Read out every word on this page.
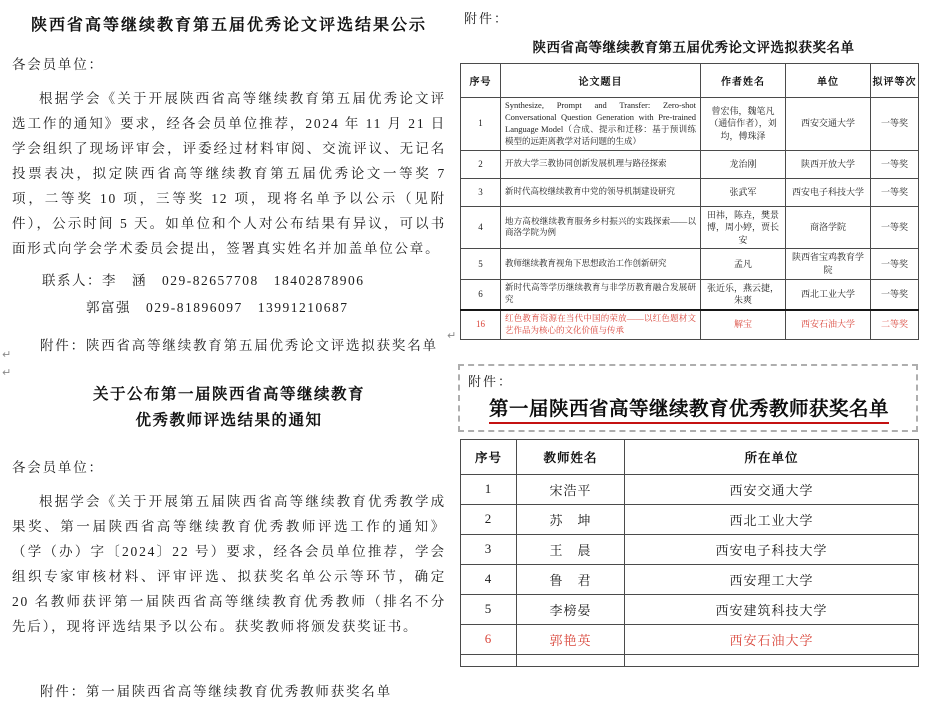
陕西省高等继续教育第五届优秀论文评选结果公示
各会员单位：

根据学会《关于开展陕西省高等继续教育第五届优秀论文评选工作的通知》要求，经各会员单位推荐，2024 年 11 月 21 日学会组织了现场评审会，评委经过材料审阅、交流评议、无记名投票表决，拟定陕西省高等继续教育第五届优秀论文一等奖 7 项，二等奖 10 项，三等奖 12 项，现将名单予以公示（见附件），公示时间 5 天。如单位和个人对公布结果有异议，可以书面形式向学会学术委员会提出，签署真实姓名并加盖单位公章。

联系人：李　涵　029-82657708　18402878906
郭富强　029-81896097　13991210687
附件：陕西省高等继续教育第五届优秀论文评选拟获奖名单
关于公布第一届陕西省高等继续教育
优秀教师评选结果的通知
各会员单位：

根据学会《关于开展第五届陕西省高等继续教育优秀教学成果奖、第一届陕西省高等继续教育优秀教师评选工作的通知》（学（办）字〔2024〕22 号）要求，经各会员单位推荐，学会组织专家审核材料、评审评选、拟获奖名单公示等环节，确定 20 名教师获评第一届陕西省高等继续教育优秀教师（排名不分先后），现将评选结果予以公布。获奖教师将颁发获奖证书。

附件：第一届陕西省高等继续教育优秀教师获奖名单
↵
↵
↵
附件：
陕西省高等继续教育第五届优秀论文评选拟获奖名单
序号	论文题目	作者姓名	单位	拟评等次
1	Synthesize, Prompt and Transfer: Zero-shot Conversational Question Generation with Pre-trained Language Model（合成、提示和迁移：基于预训练模型的远距离教学对话问题的生成）	曾宏伟，魏笔凡（通信作者），刘均，傅珠泽	西安交通大学	一等奖
2	开放大学三教协同创新发展机理与路径探索	龙治刚	陕西开放大学	一等奖
3	新时代高校继续教育中党的领导机制建设研究	张武军	西安电子科技大学	一等奖
4	地方高校继续教育服务乡村振兴的实践探索——以商洛学院为例	田祎，陈垚，樊景博，周小婷，贾长安	商洛学院	一等奖
5	教师继续教育视角下思想政治工作创新研究	孟凡	陕西省宝鸡教育学院	一等奖
6	新时代高等学历继续教育与非学历教育融合发展研究	张近乐，燕云捷，朱爽	西北工业大学	一等奖
16	红色教育资源在当代中国的荣放——以红色题材文艺作品为核心的文化价值与传承	解宝	西安石油大学	二等奖
附件：
第一届陕西省高等继续教育优秀教师获奖名单
序号	教师姓名	所在单位
1	宋浩平	西安交通大学
2	苏　坤	西北工业大学
3	王　晨	西安电子科技大学
4	鲁　君	西安理工大学
5	李榜晏	西安建筑科技大学
6	郭艳英	西安石油大学
